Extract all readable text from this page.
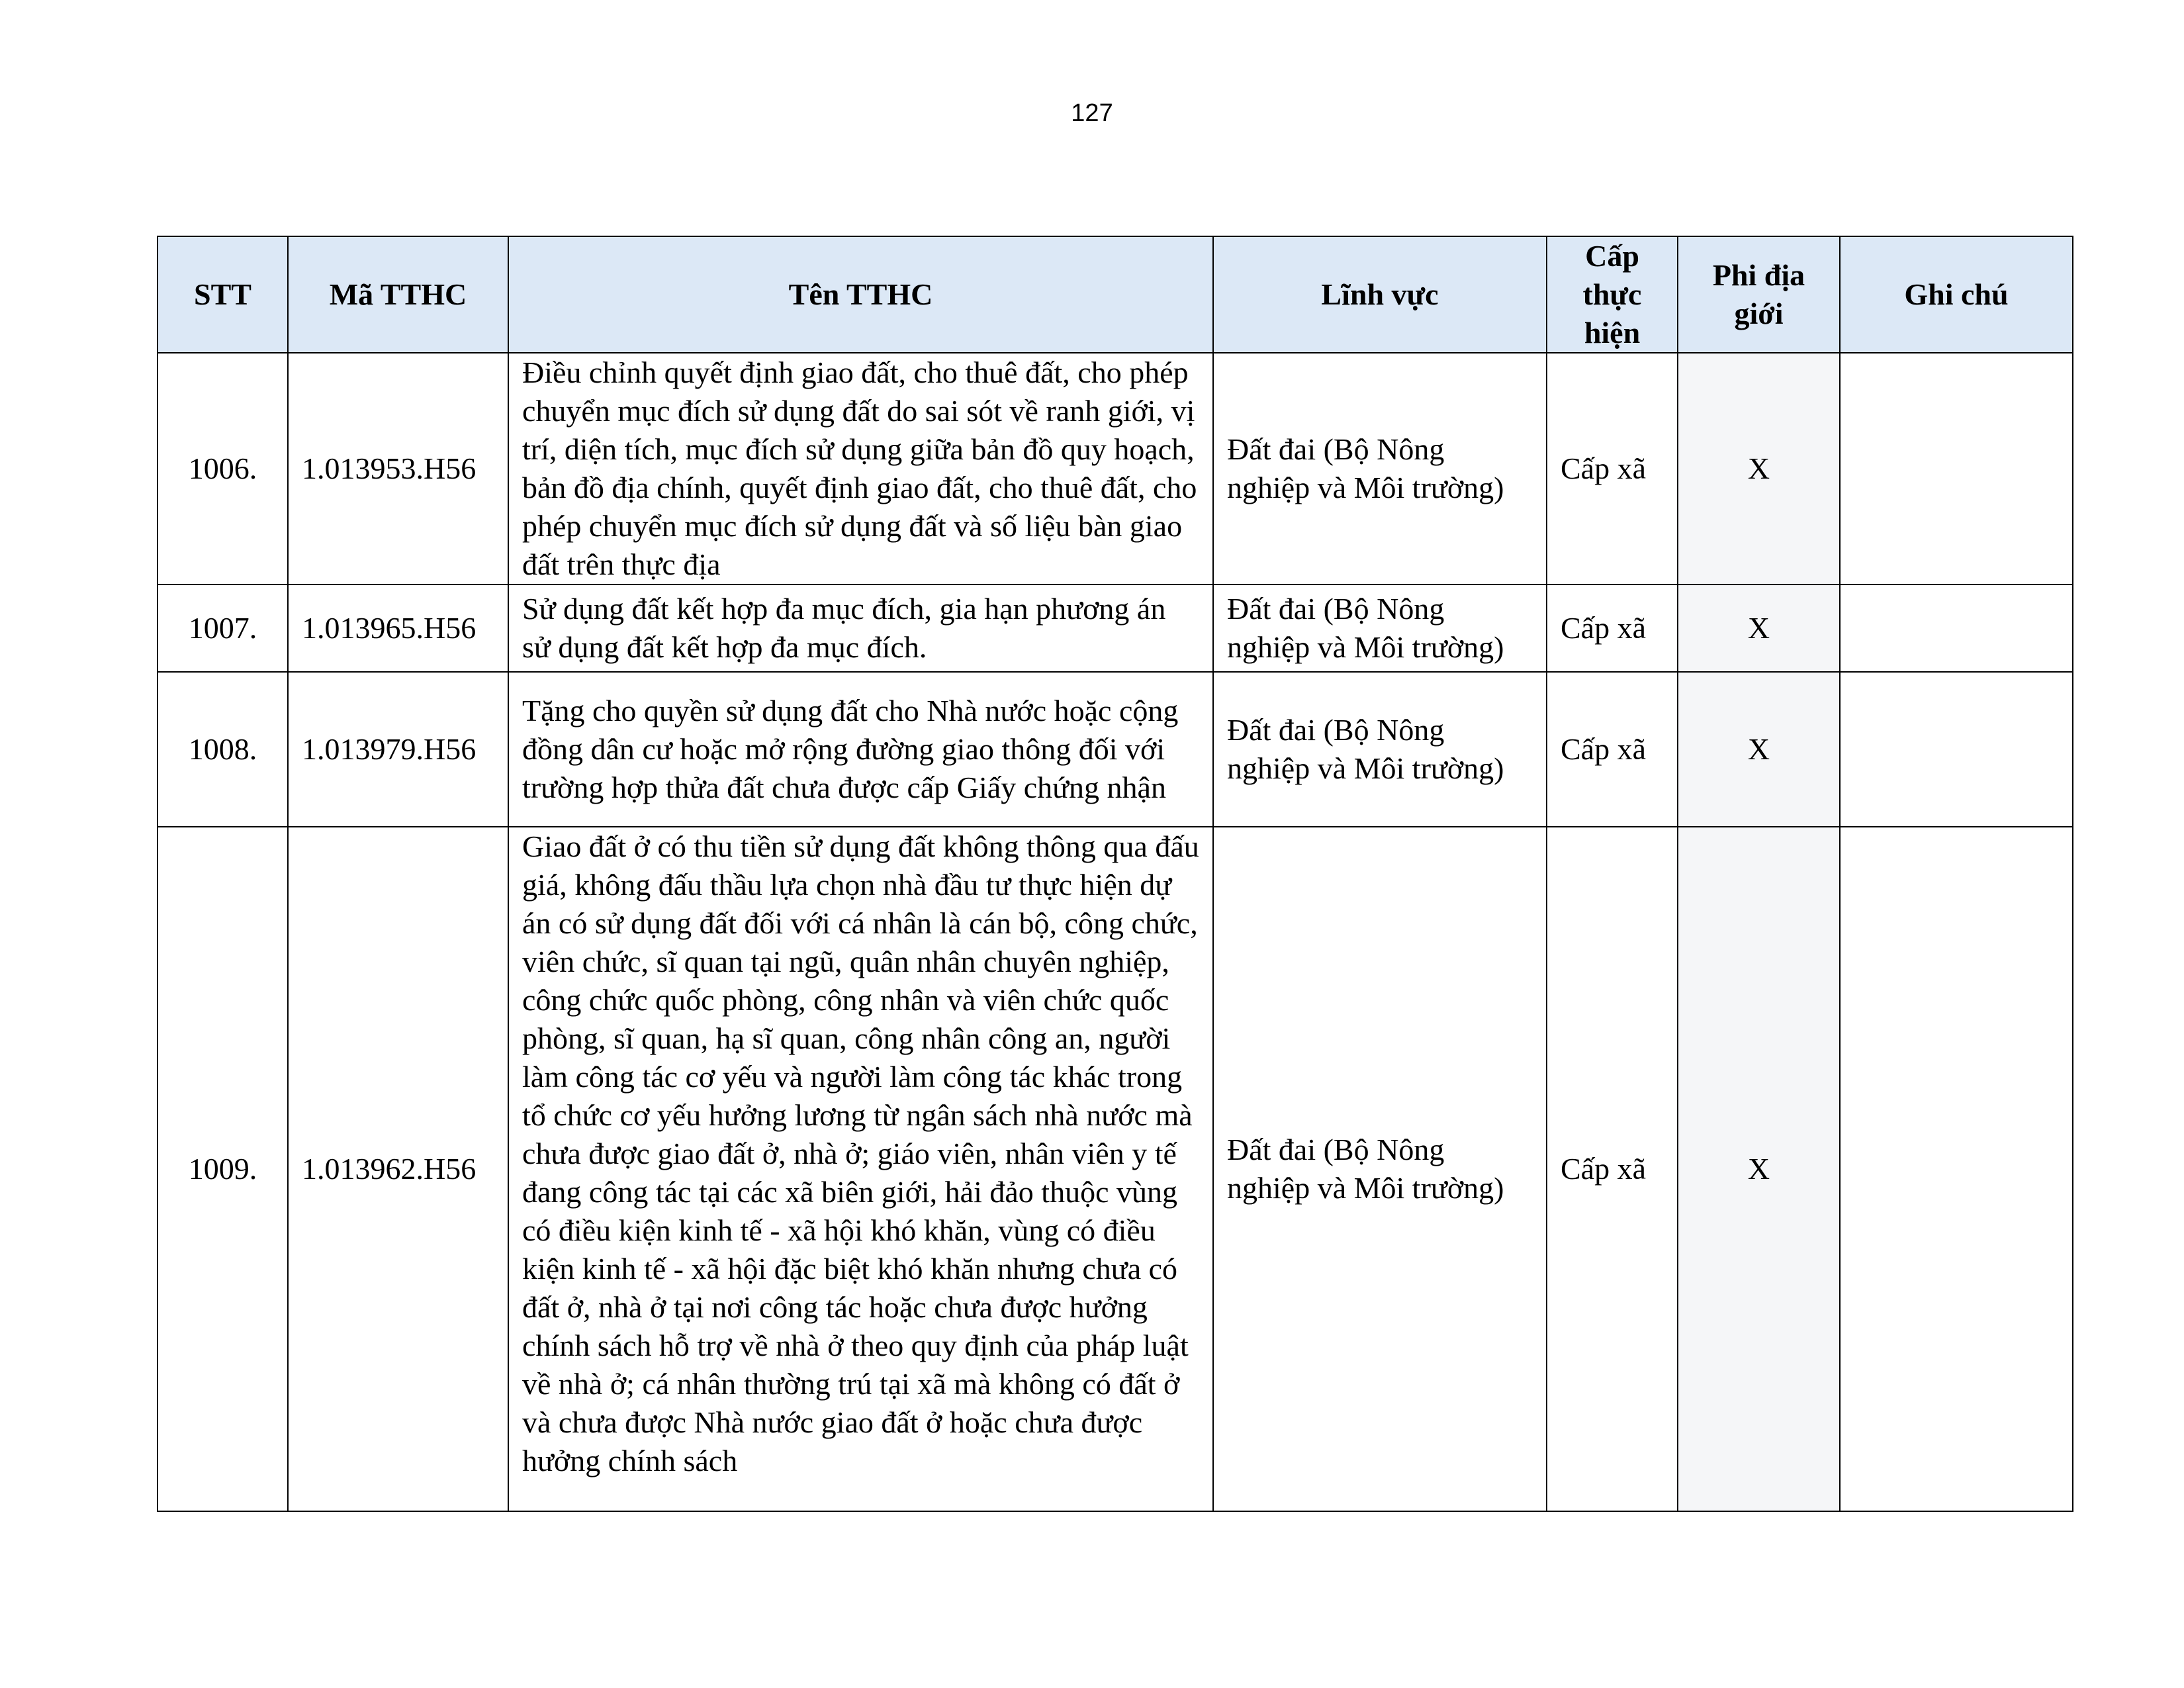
127
STT	Mã TTHC	Tên TTHC	Lĩnh vực	Cấp thực hiện	Phi địa giới	Ghi chú
1006.	1.013953.H56	Điều chỉnh quyết định giao đất, cho thuê đất, cho phép chuyển mục đích sử dụng đất do sai sót về ranh giới, vị trí, diện tích, mục đích sử dụng giữa bản đồ quy hoạch, bản đồ địa chính, quyết định giao đất, cho thuê đất, cho phép chuyển mục đích sử dụng đất và số liệu bàn giao đất trên thực địa	Đất đai (Bộ Nông nghiệp và Môi trường)	Cấp xã	X	
1007.	1.013965.H56	Sử dụng đất kết hợp đa mục đích, gia hạn phương án sử dụng đất kết hợp đa mục đích.	Đất đai (Bộ Nông nghiệp và Môi trường)	Cấp xã	X	
1008.	1.013979.H56	Tặng cho quyền sử dụng đất cho Nhà nước hoặc cộng đồng dân cư hoặc mở rộng đường giao thông đối với trường hợp thửa đất chưa được cấp Giấy chứng nhận	Đất đai (Bộ Nông nghiệp và Môi trường)	Cấp xã	X	
1009.	1.013962.H56	Giao đất ở có thu tiền sử dụng đất không thông qua đấu giá, không đấu thầu lựa chọn nhà đầu tư thực hiện dự án có sử dụng đất đối với cá nhân là cán bộ, công chức, viên chức, sĩ quan tại ngũ, quân nhân chuyên nghiệp, công chức quốc phòng, công nhân và viên chức quốc phòng, sĩ quan, hạ sĩ quan, công nhân công an, người làm công tác cơ yếu và người làm công tác khác trong tổ chức cơ yếu hưởng lương từ ngân sách nhà nước mà chưa được giao đất ở, nhà ở; giáo viên, nhân viên y tế đang công tác tại các xã biên giới, hải đảo thuộc vùng có điều kiện kinh tế - xã hội khó khăn, vùng có điều kiện kinh tế - xã hội đặc biệt khó khăn nhưng chưa có đất ở, nhà ở tại nơi công tác hoặc chưa được hưởng chính sách hỗ trợ về nhà ở theo quy định của pháp luật về nhà ở; cá nhân thường trú tại xã mà không có đất ở và chưa được Nhà nước giao đất ở hoặc chưa được hưởng chính sách	Đất đai (Bộ Nông nghiệp và Môi trường)	Cấp xã	X	
